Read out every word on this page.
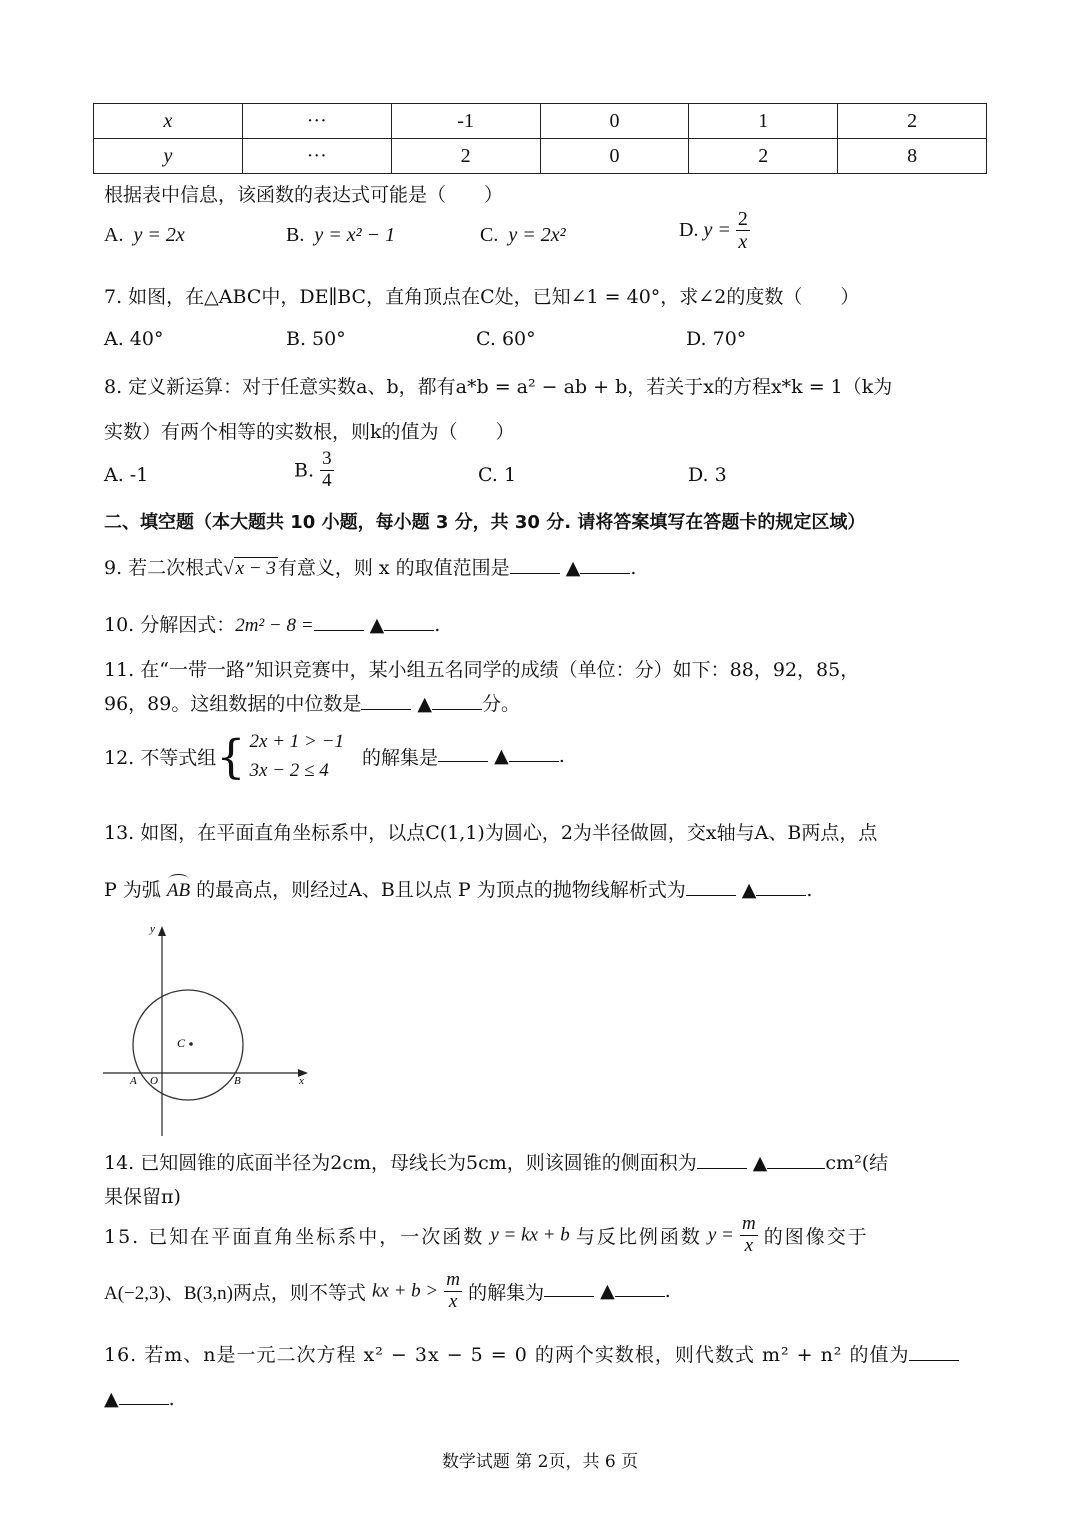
x	···	-1	0	1	2
y	···	2	0	2	8
根据表中信息，该函数的表达式可能是（　　）
A. y = 2x	B. y = x² − 1	C. y = 2x²	D. $y = \frac{2}{x}$
7. 如图，在△ABC中，DE∥BC，直角顶点在C处，已知∠1 = 40°，求∠2的度数（　　）
A. 40°	B. 50°	C. 60°	D. 70°
8. 定义新运算：对于任意实数a、b，都有a*b = a² − ab + b，若关于x的方程x*k = 1（k为
实数）有两个相等的实数根，则k的值为（　　）
A. -1	B. $\frac{3}{4}$	C. 1	D. 3
二、填空题（本大题共 10 小题，每小题 3 分，共 30 分. 请将答案填写在答题卡的规定区域）
9. 若二次根式√ x − 3 有意义，则 x 的取值范围是	▲	.
10. 分解因式：2m² − 8 =	▲	.
11. 在“一带一路”知识竞赛中，某小组五名同学的成绩（单位：分）如下：88，92，85，
96，89。这组数据的中位数是	▲	分。
12. 不等式组{ 2x + 1 > −1
3x − 2 ≤ 4 的解集是	▲	.
13. 如图，在平面直角坐标系中，以点C(1,1)为圆心，2为半径做圆，交x轴与A、B两点，点
P 为弧 AB 的最高点，则经过A、B且以点 P 为顶点的抛物线解析式为	▲	.
y
x
C
A O	B
14. 已知圆锥的底面半径为2cm，母线长为5cm，则该圆锥的侧面积为	▲	cm²(结
果保留π)
15. 已知在平面直角坐标系中，一次函数 y = kx + b 与反比例函数 $y = \frac{m}{x}$ 的图像交于
A(−2,3)、B(3,n)两点，则不等式 kx + $b > \frac{m}{x}$ 的解集为	▲	.
16. 若m、n是一元二次方程 x² − 3x − 5 = 0 的两个实数根，则代数式 m² + n² 的值为
▲	.
数学试题 第 2页，共 6 页
